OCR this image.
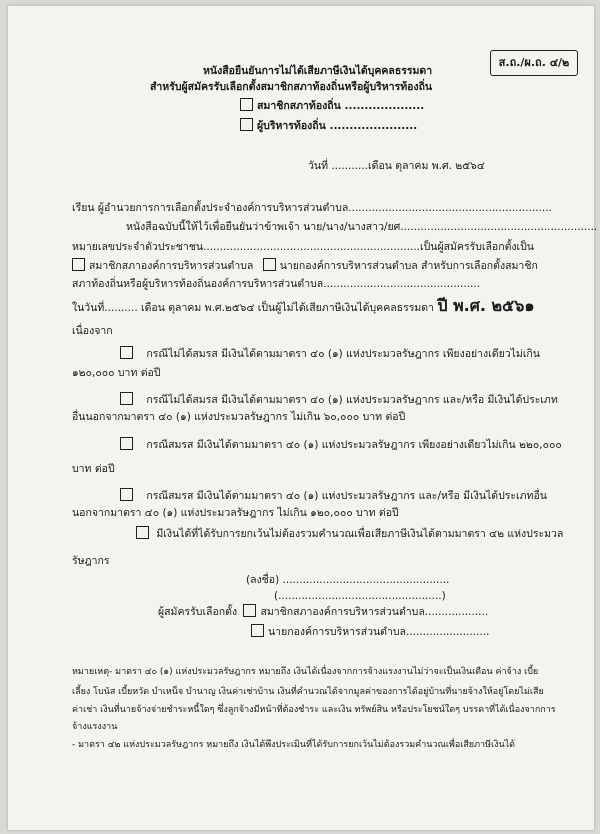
ส.ถ./ผ.ถ. ๔/๒
หนังสือยืนยันการไม่ได้เสียภาษีเงินได้บุคคลธรรมดา
สำหรับผู้สมัครรับเลือกตั้งสมาชิกสภาท้องถิ่นหรือผู้บริหารท้องถิ่น
สมาชิกสภาท้องถิ่น ....................
ผู้บริหารท้องถิ่น ......................
วันที่ ...........เดือน ตุลาคม พ.ศ. ๒๕๖๔
เรียน ผู้อำนวยการการเลือกตั้งประจำองค์การบริหารส่วนตำบล.............................................................
หนังสือฉบับนี้ให้ไว้เพื่อยืนยันว่าข้าพเจ้า นาย/นาง/นางสาว/ยศ...........................................................
หมายเลขประจำตัวประชาชน.................................................................เป็นผู้สมัครรับเลือกตั้งเป็น
สมาชิกสภาองค์การบริหารส่วนตำบล	นายกองค์การบริหารส่วนตำบล สำหรับการเลือกตั้งสมาชิก
สภาท้องถิ่นหรือผู้บริหารท้องถิ่นองค์การบริหารส่วนตำบล...............................................
ในวันที่.......... เดือน ตุลาคม พ.ศ.๒๕๖๔ เป็นผู้ไม่ได้เสียภาษีเงินได้บุคคลธรรมดา ปี พ.ศ. ๒๕๖๑
เนื่องจาก
กรณีไม่ได้สมรส มีเงินได้ตามมาตรา ๔๐ (๑) แห่งประมวลรัษฎากร เพียงอย่างเดียวไม่เกิน
๑๒๐,๐๐๐ บาท ต่อปี
กรณีไม่ได้สมรส มีเงินได้ตามมาตรา ๔๐ (๑) แห่งประมวลรัษฎากร และ/หรือ มีเงินได้ประเภท
อื่นนอกจากมาตรา ๔๐ (๑) แห่งประมวลรัษฎากร ไม่เกิน ๖๐,๐๐๐ บาท ต่อปี
กรณีสมรส มีเงินได้ตามมาตรา ๔๐ (๑) แห่งประมวลรัษฎากร เพียงอย่างเดียวไม่เกิน ๒๒๐,๐๐๐
บาท ต่อปี
กรณีสมรส มีเงินได้ตามมาตรา ๔๐ (๑) แห่งประมวลรัษฎากร และ/หรือ มีเงินได้ประเภทอื่น
นอกจากมาตรา ๔๐ (๑) แห่งประมวลรัษฎากร ไม่เกิน ๑๒๐,๐๐๐ บาท ต่อปี
มีเงินได้ที่ได้รับการยกเว้นไม่ต้องรวมคำนวณเพื่อเสียภาษีเงินได้ตามมาตรา ๔๒ แห่งประมวล
รัษฎากร
(ลงชื่อ) ..................................................
(.................................................)
ผู้สมัครรับเลือกตั้ง สมาชิกสภาองค์การบริหารส่วนตำบล...................
นายกองค์การบริหารส่วนตำบล.........................
หมายเหตุ- มาตรา ๔๐ (๑) แห่งประมวลรัษฎากร หมายถึง เงินได้เนื่องจากการจ้างแรงงานไม่ว่าจะเป็นเงินเดือน ค่าจ้าง เบี้ย
เลี้ยง โบนัส เบี้ยหวัด บำเหน็จ บำนาญ เงินค่าเช่าบ้าน เงินที่คำนวณได้จากมูลค่าของการได้อยู่บ้านที่นายจ้างให้อยู่โดยไม่เสีย
ค่าเช่า เงินที่นายจ้างจ่ายชำระหนี้ใดๆ ซึ่งลูกจ้างมีหน้าที่ต้องชำระ และเงิน ทรัพย์สิน หรือประโยชน์ใดๆ บรรดาที่ได้เนื่องจากการ
จ้างแรงงาน
- มาตรา ๔๒ แห่งประมวลรัษฎากร หมายถึง เงินได้พึงประเมินที่ได้รับการยกเว้นไม่ต้องรวมคำนวณเพื่อเสียภาษีเงินได้
